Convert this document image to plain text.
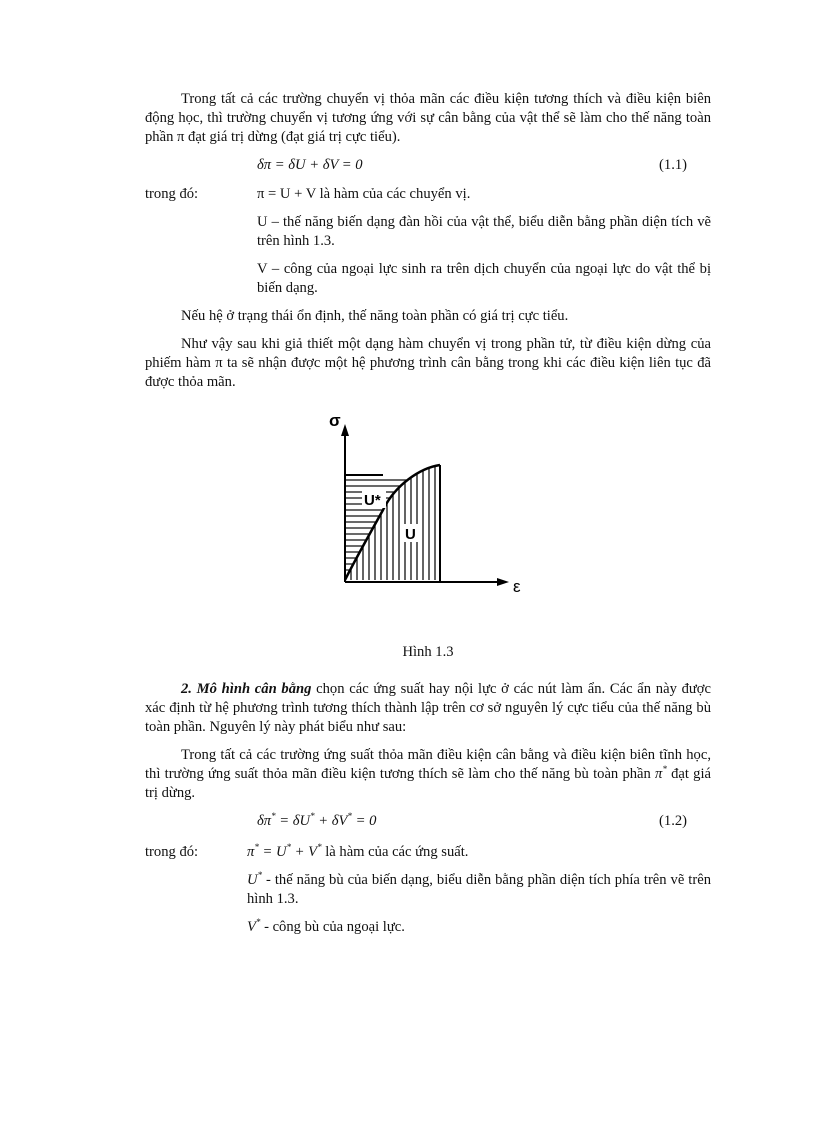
Trong tất cả các trường chuyển vị thỏa mãn các điều kiện tương thích và điều kiện biên động học, thì trường chuyển vị tương ứng với sự cân bằng của vật thể sẽ làm cho thế năng toàn phần π đạt giá trị dừng (đạt giá trị cực tiểu).

δπ = δU + δV = 0	(1.1)
trong đó:	π = U + V là hàm của các chuyển vị.

U – thế năng biến dạng đàn hồi của vật thể, biểu diễn bằng phần diện tích vẽ trên hình 1.3.

V – công của ngoại lực sinh ra trên dịch chuyển của ngoại lực do vật thể bị biến dạng.

Nếu hệ ở trạng thái ổn định, thế năng toàn phần có giá trị cực tiểu.

Như vậy sau khi giả thiết một dạng hàm chuyển vị trong phần tử, từ điều kiện dừng của phiếm hàm π ta sẽ nhận được một hệ phương trình cân bằng trong khi các điều kiện liên tục đã được thỏa mãn.

σ
ε
U*
U

Hình 1.3

2. Mô hình cân bằng chọn các ứng suất hay nội lực ở các nút làm ẩn. Các ẩn này được xác định từ hệ phương trình tương thích thành lập trên cơ sở nguyên lý cực tiểu của thế năng bù toàn phần. Nguyên lý này phát biểu như sau:

Trong tất cả các trường ứng suất thỏa mãn điều kiện cân bằng và điều kiện biên tĩnh học, thì trường ứng suất thỏa mãn điều kiện tương thích sẽ làm cho thế năng bù toàn phần π* đạt giá trị dừng.

δπ* = δU* + δV* = 0	(1.2)
trong đó:	π* = U* + V* là hàm của các ứng suất.

U* - thế năng bù của biến dạng, biểu diễn bằng phần diện tích phía trên vẽ trên hình 1.3.

V* - công bù của ngoại lực.
